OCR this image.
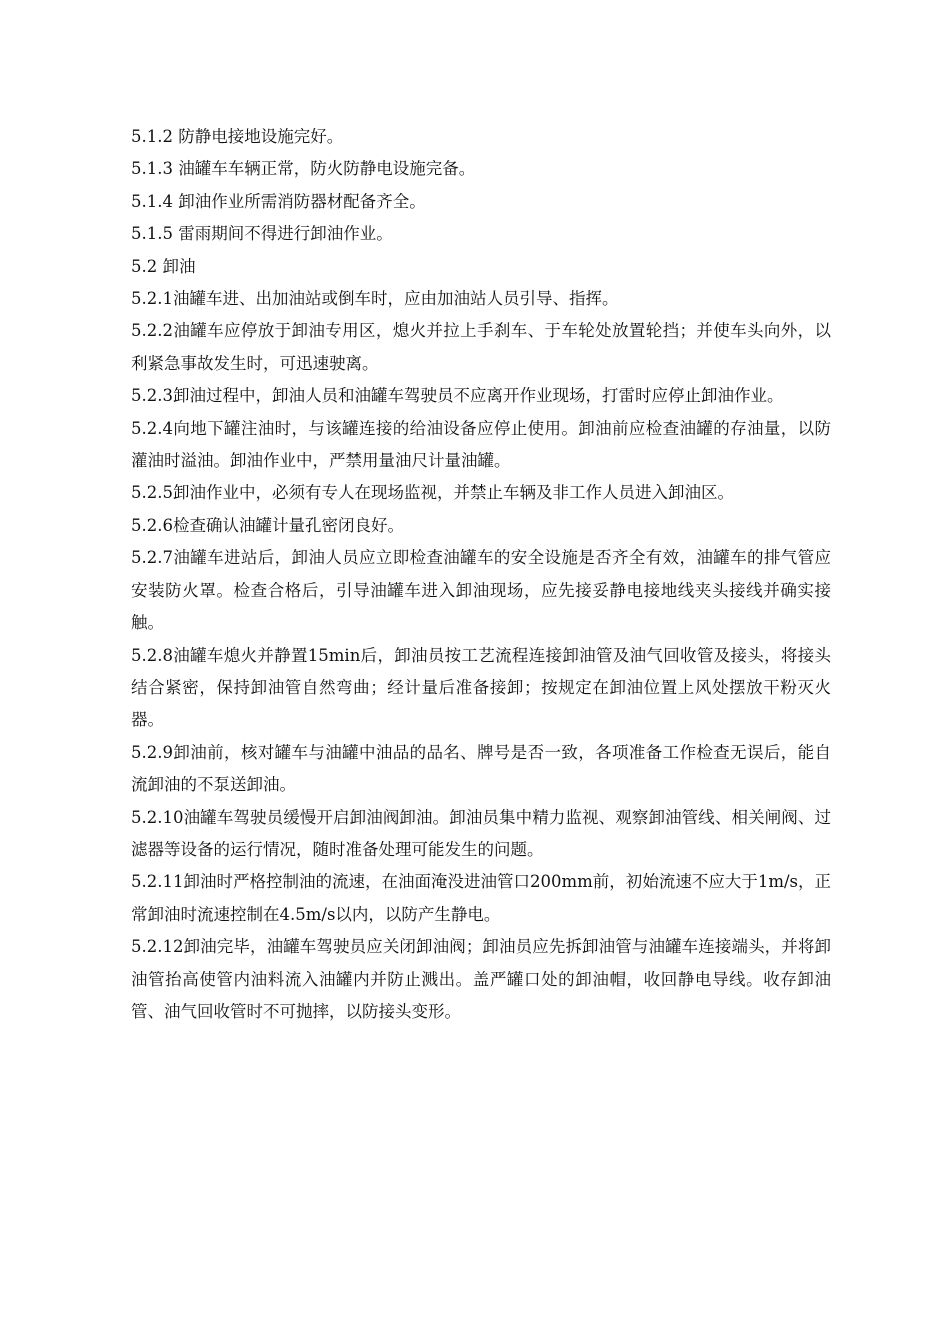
5.1.2 防静电接地设施完好。

5.1.3 油罐车车辆正常，防火防静电设施完备。

5.1.4 卸油作业所需消防器材配备齐全。

5.1.5 雷雨期间不得进行卸油作业。

5.2 卸油

5.2.1油罐车进、出加油站或倒车时，应由加油站人员引导、指挥。

5.2.2油罐车应停放于卸油专用区，熄火并拉上手刹车、于车轮处放置轮挡；并使车头向外，以利紧急事故发生时，可迅速驶离。

5.2.3卸油过程中，卸油人员和油罐车驾驶员不应离开作业现场，打雷时应停止卸油作业。

5.2.4向地下罐注油时，与该罐连接的给油设备应停止使用。卸油前应检查油罐的存油量，以防灌油时溢油。卸油作业中，严禁用量油尺计量油罐。

5.2.5卸油作业中，必须有专人在现场监视，并禁止车辆及非工作人员进入卸油区。

5.2.6检查确认油罐计量孔密闭良好。

5.2.7油罐车进站后，卸油人员应立即检查油罐车的安全设施是否齐全有效，油罐车的排气管应安装防火罩。检查合格后，引导油罐车进入卸油现场，应先接妥静电接地线夹头接线并确实接触。

5.2.8油罐车熄火并静置15min后，卸油员按工艺流程连接卸油管及油气回收管及接头，将接头结合紧密，保持卸油管自然弯曲；经计量后准备接卸；按规定在卸油位置上风处摆放干粉灭火器。

5.2.9卸油前，核对罐车与油罐中油品的品名、牌号是否一致，各项准备工作检查无误后，能自流卸油的不泵送卸油。

5.2.10油罐车驾驶员缓慢开启卸油阀卸油。卸油员集中精力监视、观察卸油管线、相关闸阀、过滤器等设备的运行情况，随时准备处理可能发生的问题。

5.2.11卸油时严格控制油的流速，在油面淹没进油管口200mm前，初始流速不应大于1m/s，正常卸油时流速控制在4.5m/s以内，以防产生静电。

5.2.12卸油完毕，油罐车驾驶员应关闭卸油阀；卸油员应先拆卸油管与油罐车连接端头，并将卸油管抬高使管内油料流入油罐内并防止溅出。盖严罐口处的卸油帽，收回静电导线。收存卸油管、油气回收管时不可抛摔，以防接头变形。
